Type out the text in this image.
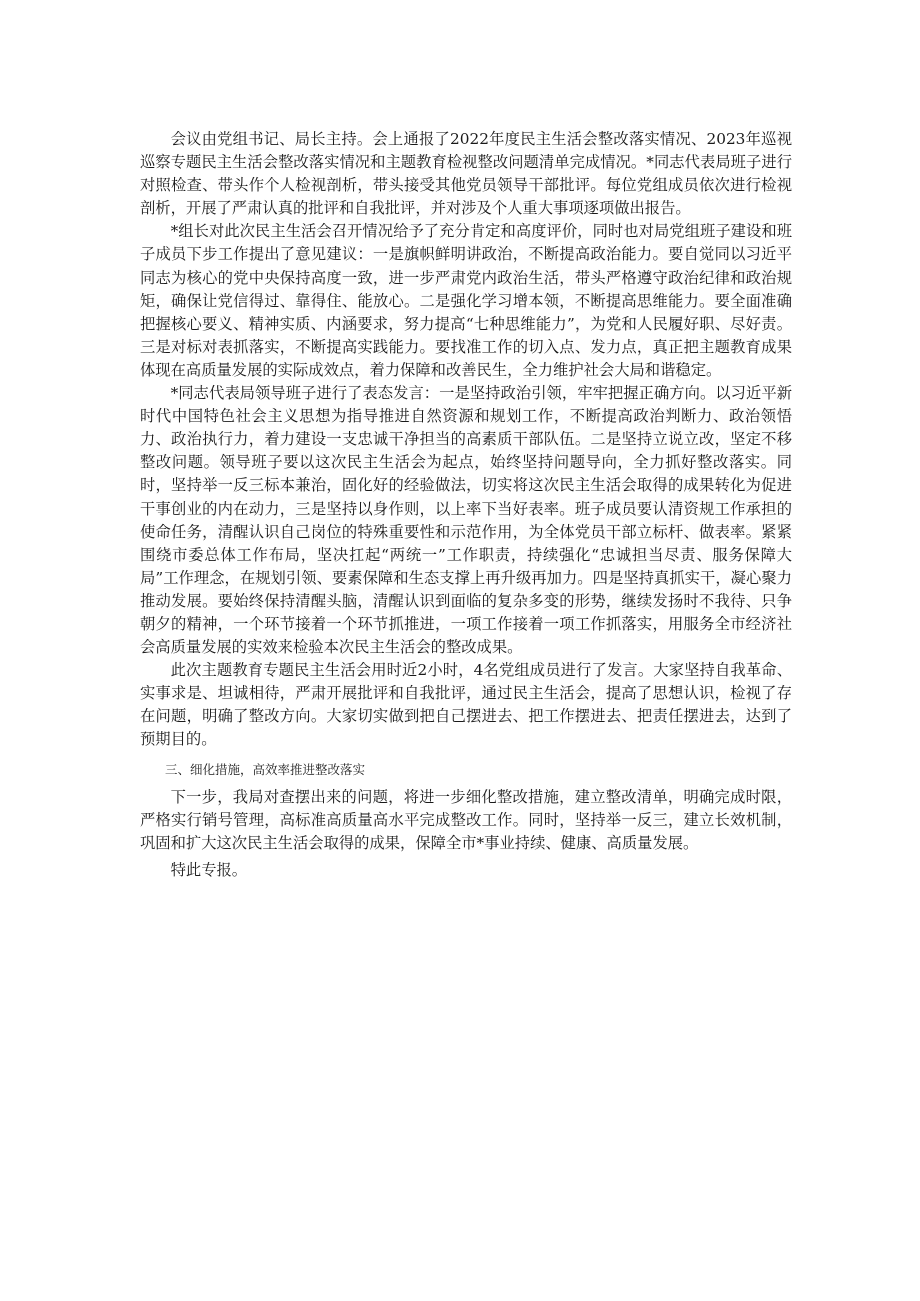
会议由党组书记、局长主持。会上通报了2022年度民主生活会整改落实情况、2023年巡视巡察专题民主生活会整改落实情况和主题教育检视整改问题清单完成情况。*同志代表局班子进行对照检查、带头作个人检视剖析，带头接受其他党员领导干部批评。每位党组成员依次进行检视剖析，开展了严肃认真的批评和自我批评，并对涉及个人重大事项逐项做出报告。

*组长对此次民主生活会召开情况给予了充分肯定和高度评价，同时也对局党组班子建设和班子成员下步工作提出了意见建议：一是旗帜鲜明讲政治，不断提高政治能力。要自觉同以习近平同志为核心的党中央保持高度一致，进一步严肃党内政治生活，带头严格遵守政治纪律和政治规矩，确保让党信得过、靠得住、能放心。二是强化学习增本领，不断提高思维能力。要全面准确把握核心要义、精神实质、内涵要求，努力提高“七种思维能力”，为党和人民履好职、尽好责。三是对标对表抓落实，不断提高实践能力。要找准工作的切入点、发力点，真正把主题教育成果体现在高质量发展的实际成效点，着力保障和改善民生，全力维护社会大局和谐稳定。

*同志代表局领导班子进行了表态发言：一是坚持政治引领，牢牢把握正确方向。以习近平新时代中国特色社会主义思想为指导推进自然资源和规划工作，不断提高政治判断力、政治领悟力、政治执行力，着力建设一支忠诚干净担当的高素质干部队伍。二是坚持立说立改，坚定不移整改问题。领导班子要以这次民主生活会为起点，始终坚持问题导向，全力抓好整改落实。同时，坚持举一反三标本兼治，固化好的经验做法，切实将这次民主生活会取得的成果转化为促进干事创业的内在动力，三是坚持以身作则，以上率下当好表率。班子成员要认清资规工作承担的使命任务，清醒认识自己岗位的特殊重要性和示范作用，为全体党员干部立标杆、做表率。紧紧围绕市委总体工作布局，坚决扛起“两统一”工作职责，持续强化“忠诚担当尽责、服务保障大局”工作理念，在规划引领、要素保障和生态支撑上再升级再加力。四是坚持真抓实干，凝心聚力推动发展。要始终保持清醒头脑，清醒认识到面临的复杂多变的形势，继续发扬时不我待、只争朝夕的精神，一个环节接着一个环节抓推进，一项工作接着一项工作抓落实，用服务全市经济社会高质量发展的实效来检验本次民主生活会的整改成果。

此次主题教育专题民主生活会用时近2小时，4名党组成员进行了发言。大家坚持自我革命、实事求是、坦诚相待，严肃开展批评和自我批评，通过民主生活会，提高了思想认识，检视了存在问题，明确了整改方向。大家切实做到把自己摆进去、把工作摆进去、把责任摆进去，达到了预期目的。

三、细化措施，高效率推进整改落实

下一步，我局对查摆出来的问题，将进一步细化整改措施，建立整改清单，明确完成时限，严格实行销号管理，高标准高质量高水平完成整改工作。同时，坚持举一反三，建立长效机制，巩固和扩大这次民主生活会取得的成果，保障全市*事业持续、健康、高质量发展。

特此专报。
